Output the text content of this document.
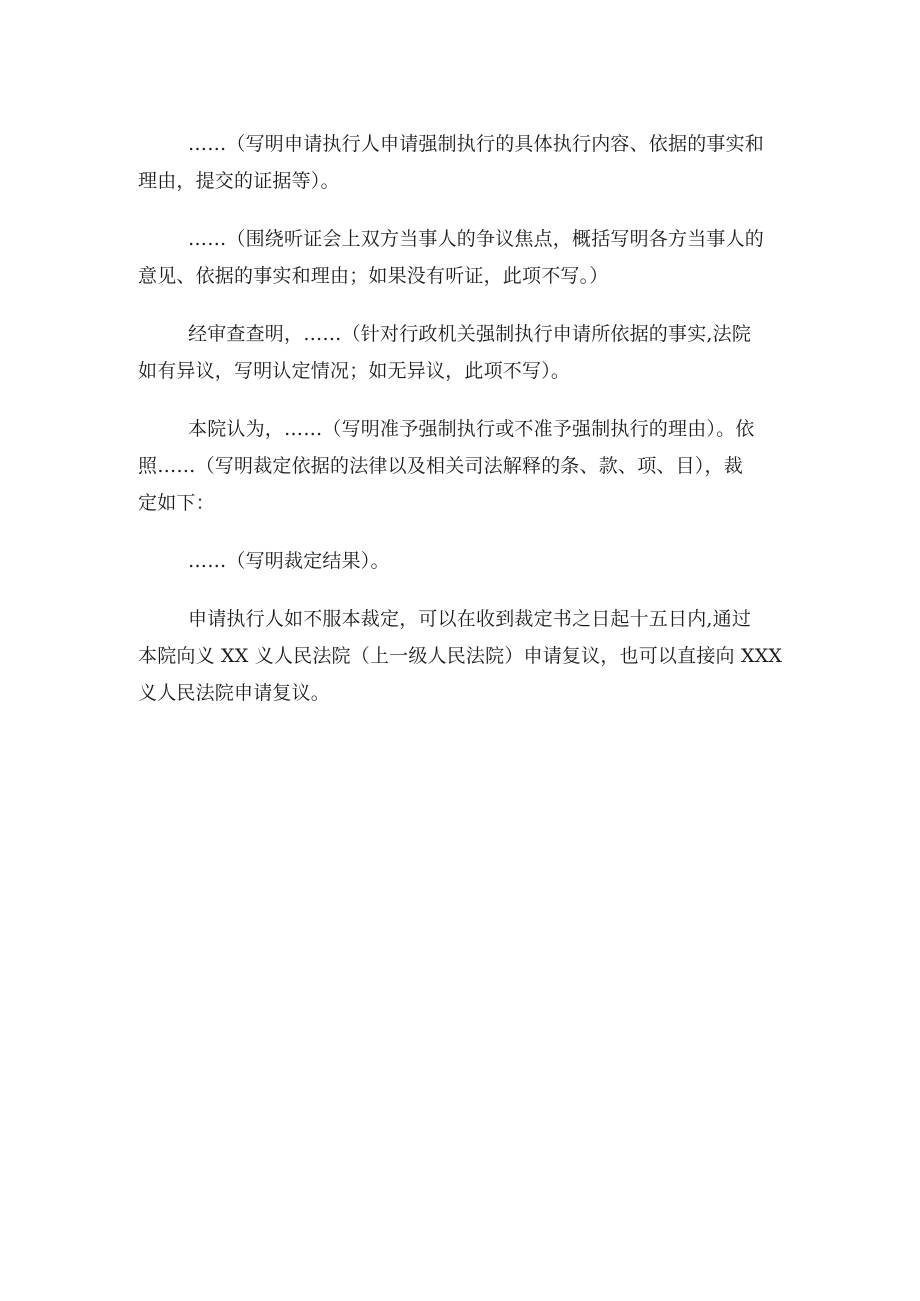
……（写明申请执行人申请强制执行的具体执行内容、依据的事实和
理由，提交的证据等）。

……（围绕听证会上双方当事人的争议焦点，概括写明各方当事人的
意见、依据的事实和理由；如果没有听证，此项不写。）

经审查查明，……（针对行政机关强制执行申请所依据的事实,法院
如有异议，写明认定情况；如无异议，此项不写）。

本院认为，……（写明准予强制执行或不准予强制执行的理由）。依
照……（写明裁定依据的法律以及相关司法解释的条、款、项、目），裁
定如下：

……（写明裁定结果）。

申请执行人如不服本裁定，可以在收到裁定书之日起十五日内,通过
本院向义 XX 义人民法院（上一级人民法院）申请复议，也可以直接向 XXX
义人民法院申请复议。
